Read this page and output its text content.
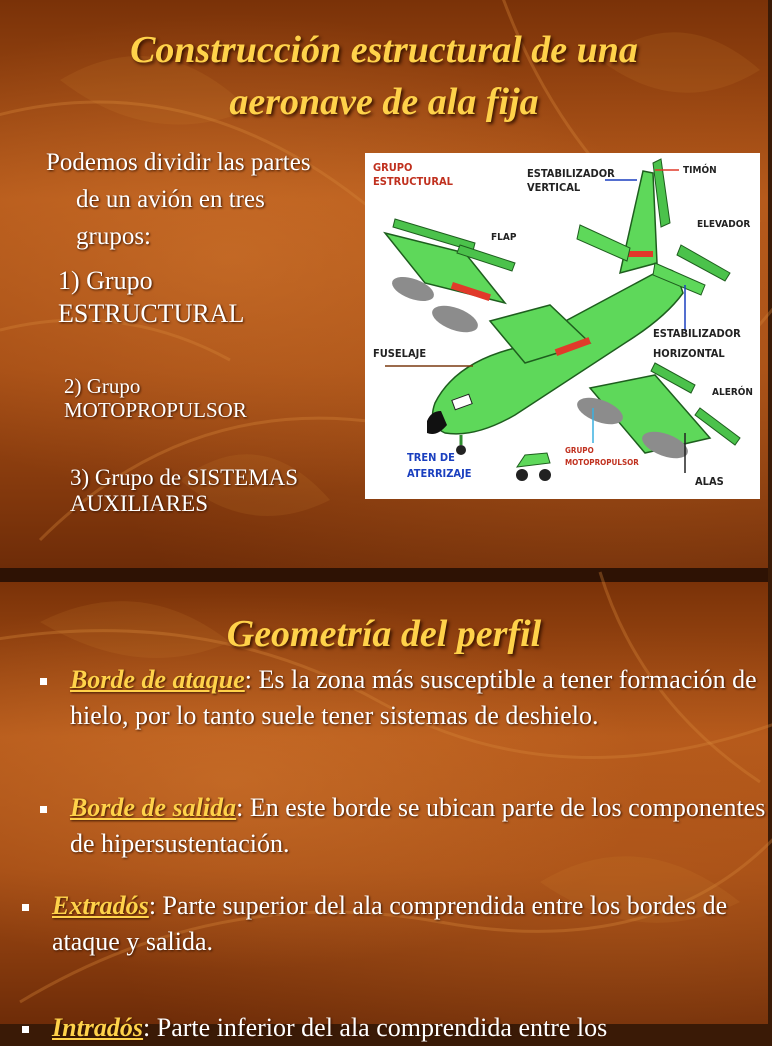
Construcción estructural de una
aeronave de ala fija
Podemos dividir las partes
de un avión en tres
grupos:
1) Grupo
ESTRUCTURAL
2) Grupo
MOTOPROPULSOR
3) Grupo de SISTEMAS
AUXILIARES
GRUPO
ESTRUCTURAL
ESTABILIZADOR
VERTICAL
TIMÓN
ELEVADOR
FLAP
FUSELAJE
ESTABILIZADOR
HORIZONTAL
ALERÓN
TREN DE
ATERRIZAJE
GRUPO
MOTOPROPULSOR
ALAS
Geometría del perfil
Borde de ataque: Es la zona más susceptible a tener formación de hielo, por lo tanto suele tener sistemas de deshielo.
Borde de salida: En este borde se ubican parte de los componentes de hipersustentación.
Extradós: Parte superior del ala comprendida entre los bordes de ataque y salida.
Intradós: Parte inferior del ala comprendida entre los
